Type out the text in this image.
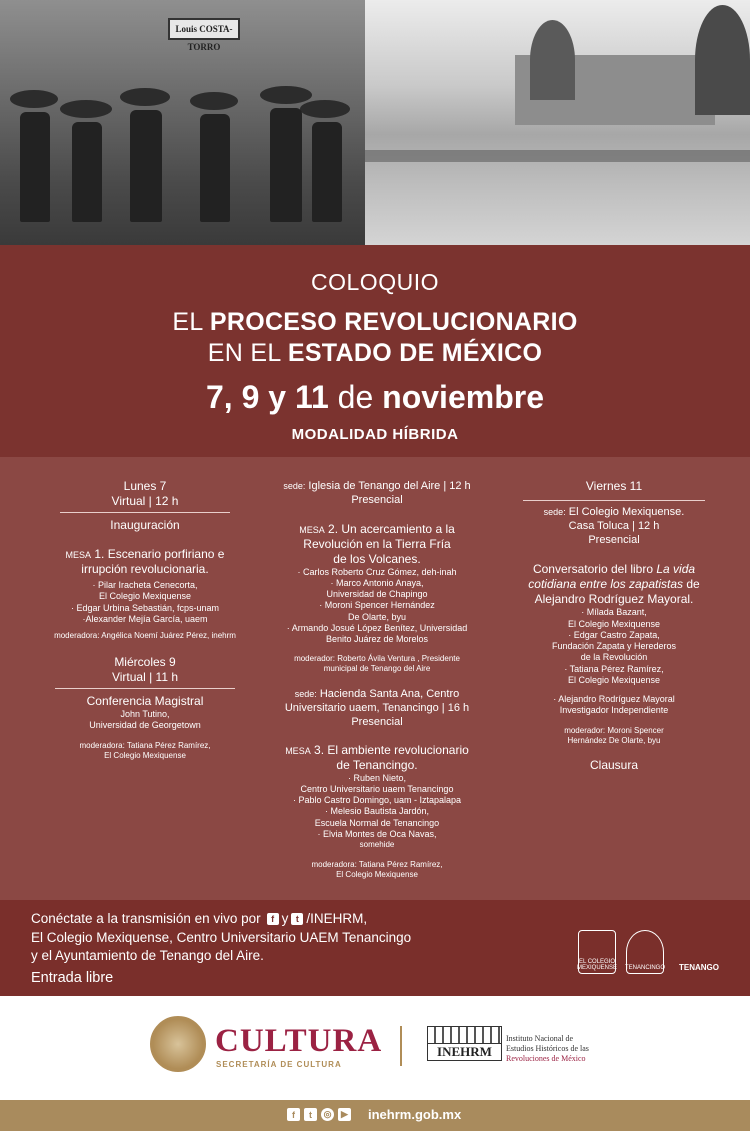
Louis COSTA-TORRO
COLOQUIO
EL PROCESO REVOLUCIONARIO
EN EL ESTADO DE MÉXICO
7, 9 y 11 de noviembre
MODALIDAD HÍBRIDA

Lunes 7

Virtual | 12 h

Inauguración

MESA 1. Escenario porfiriano e

irrupción revolucionaria.

· Pilar Iracheta Cenecorta,

El Colegio Mexiquense

· Edgar Urbina Sebastián, fcps-unam

·Alexander Mejía García, uaem

moderadora: Angélica Noemí Juárez Pérez, inehrm

Miércoles 9

Virtual | 11 h

Conferencia Magistral

John Tutino,

Universidad de Georgetown

moderadora: Tatiana Pérez Ramírez,

El Colegio Mexiquense

sede: Iglesia de Tenango del Aire | 12 h

Presencial

MESA 2. Un acercamiento a la

Revolución en la Tierra Fría

de los Volcanes.

· Carlos Roberto Cruz Gómez, deh-inah

· Marco Antonio Anaya,

Universidad de Chapingo

· Moroni Spencer Hernández

De Olarte, byu

· Armando Josué López Benítez, Universidad

Benito Juárez de Morelos

moderador: Roberto Ávila Ventura , Presidente

municipal de Tenango del Aire

sede: Hacienda Santa Ana, Centro

Universitario uaem, Tenancingo | 16 h

Presencial

MESA 3. El ambiente revolucionario

de Tenancingo.

· Ruben Nieto,

Centro Universitario uaem Tenancingo

· Pablo Castro Domingo, uam - Iztapalapa

· Melesio Bautista Jardón,

Escuela Normal de Tenancingo

· Elvia Montes de Oca Navas,

somehide

moderadora: Tatiana Pérez Ramírez,

El Colegio Mexiquense

Viernes 11

sede: El Colegio Mexiquense.

Casa Toluca | 12 h

Presencial

Conversatorio del libro La vida

cotidiana entre los zapatistas de

Alejandro Rodríguez Mayoral.

· Mílada Bazant,

El Colegio Mexiquense

· Edgar Castro Zapata,

Fundación Zapata y Herederos

de la Revolución

· Tatiana Pérez Ramírez,

El Colegio Mexiquense

· Alejandro Rodríguez Mayoral

Investigador Independiente

moderador: Moroni Spencer

Hernández De Olarte, byu

Clausura

Conéctate a la transmisión en vivo por	f y t /INEHRM,
El Colegio Mexiquense, Centro Universitario UAEM Tenancingo
y el Ayuntamiento de Tenango del Aire.
Entrada libre
EL COLEGIO MEXIQUENSE TENANCINGO TENANGO
CULTURA
SECRETARÍA DE CULTURA
INEHRM
Instituto Nacional de
Estudios Históricos de las
Revoluciones de México
f	t	◎	▶ inehrm.gob.mx
